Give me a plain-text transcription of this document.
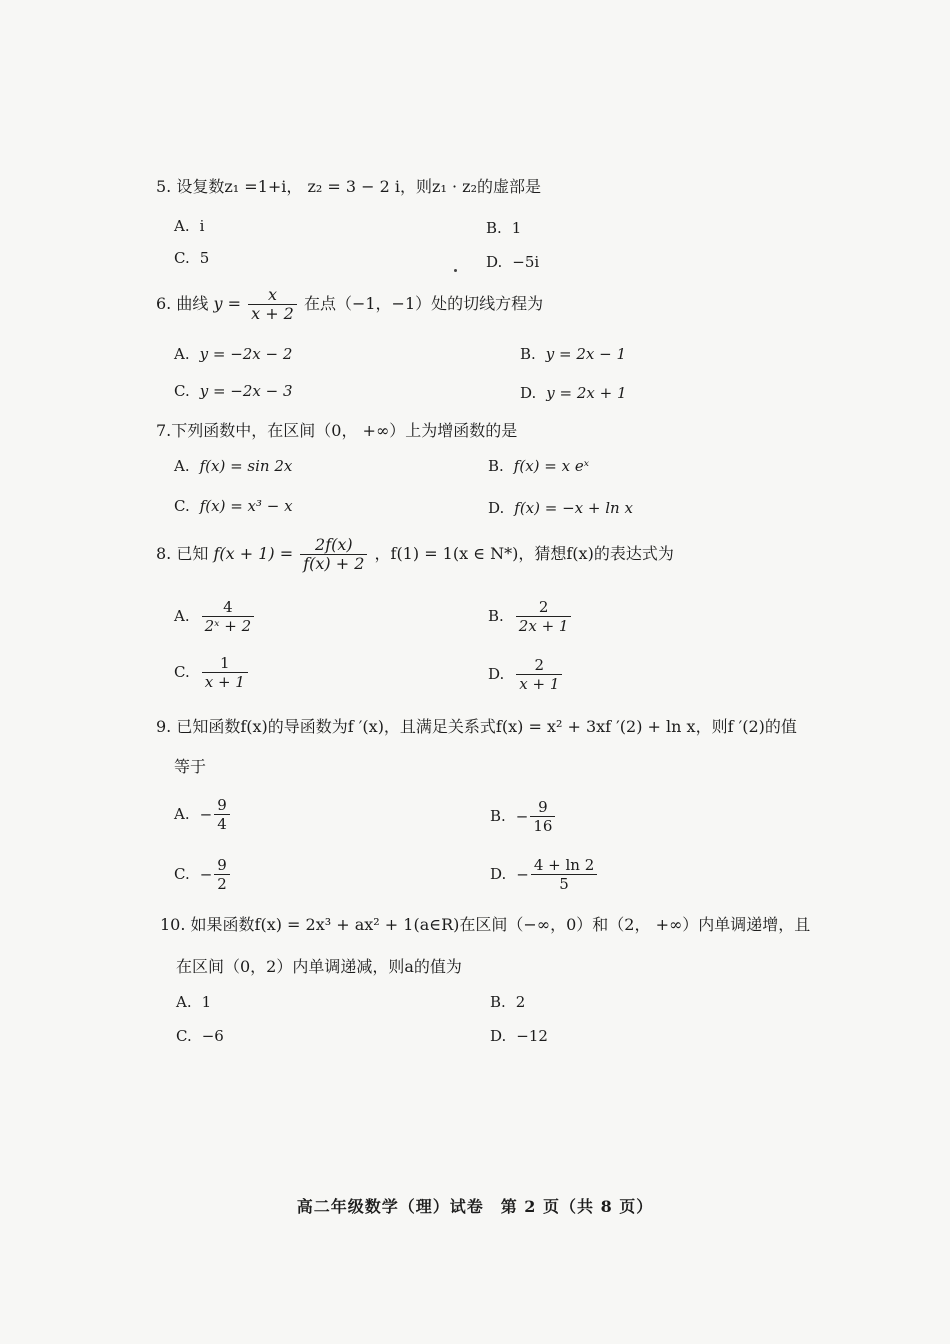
5. 设复数z₁ =1+i， z₂ = 3 − 2 i，则z₁ · z₂的虚部是
A. i	B. 1
C. 5	D. −5i
6. 曲线 $y = \frac{x}{x + 2}$ 在点（−1，−1）处的切线方程为
A. y = −2x − 2	B. y = 2x − 1
C. y = −2x − 3	D. y = 2x + 1
7.下列函数中，在区间（0， +∞）上为增函数的是
A. f(x) = sin 2x	B. f(x) = x eˣ
C. f(x) = x³ − x	D. f(x) = −x + ln x
8. 已知 $f(x + 1) = \frac{2f(x)}{f(x) + 2}$ ，f(1) = 1(x ∈ N*)，猜想f(x)的表达式为
A. $\frac{4}{\text{2ˣ + 2}}$	B. $\frac{2}{2x + 1}$
C. $\frac{1}{x + 1}$	D. $\frac{2}{x + 1}$
9. 已知函数f(x)的导函数为f ′(x)，且满足关系式f(x) = x² + 3xf ′(2) + ln x，则f ′(2)的值
等于
A. − $\frac{9}{4}$	B. − $\frac{9}{16}$
C. − $\frac{9}{2}$	D. − $\frac{4 + \ln 2}{5}$
10. 如果函数f(x) = 2x³ + ax² + 1(a∈R)在区间（−∞，0）和（2， +∞）内单调递增，且
在区间（0，2）内单调递减，则a的值为
A. 1	B. 2
C. −6	D. −12
高二年级数学（理）试卷　第 2 页（共 8 页）
